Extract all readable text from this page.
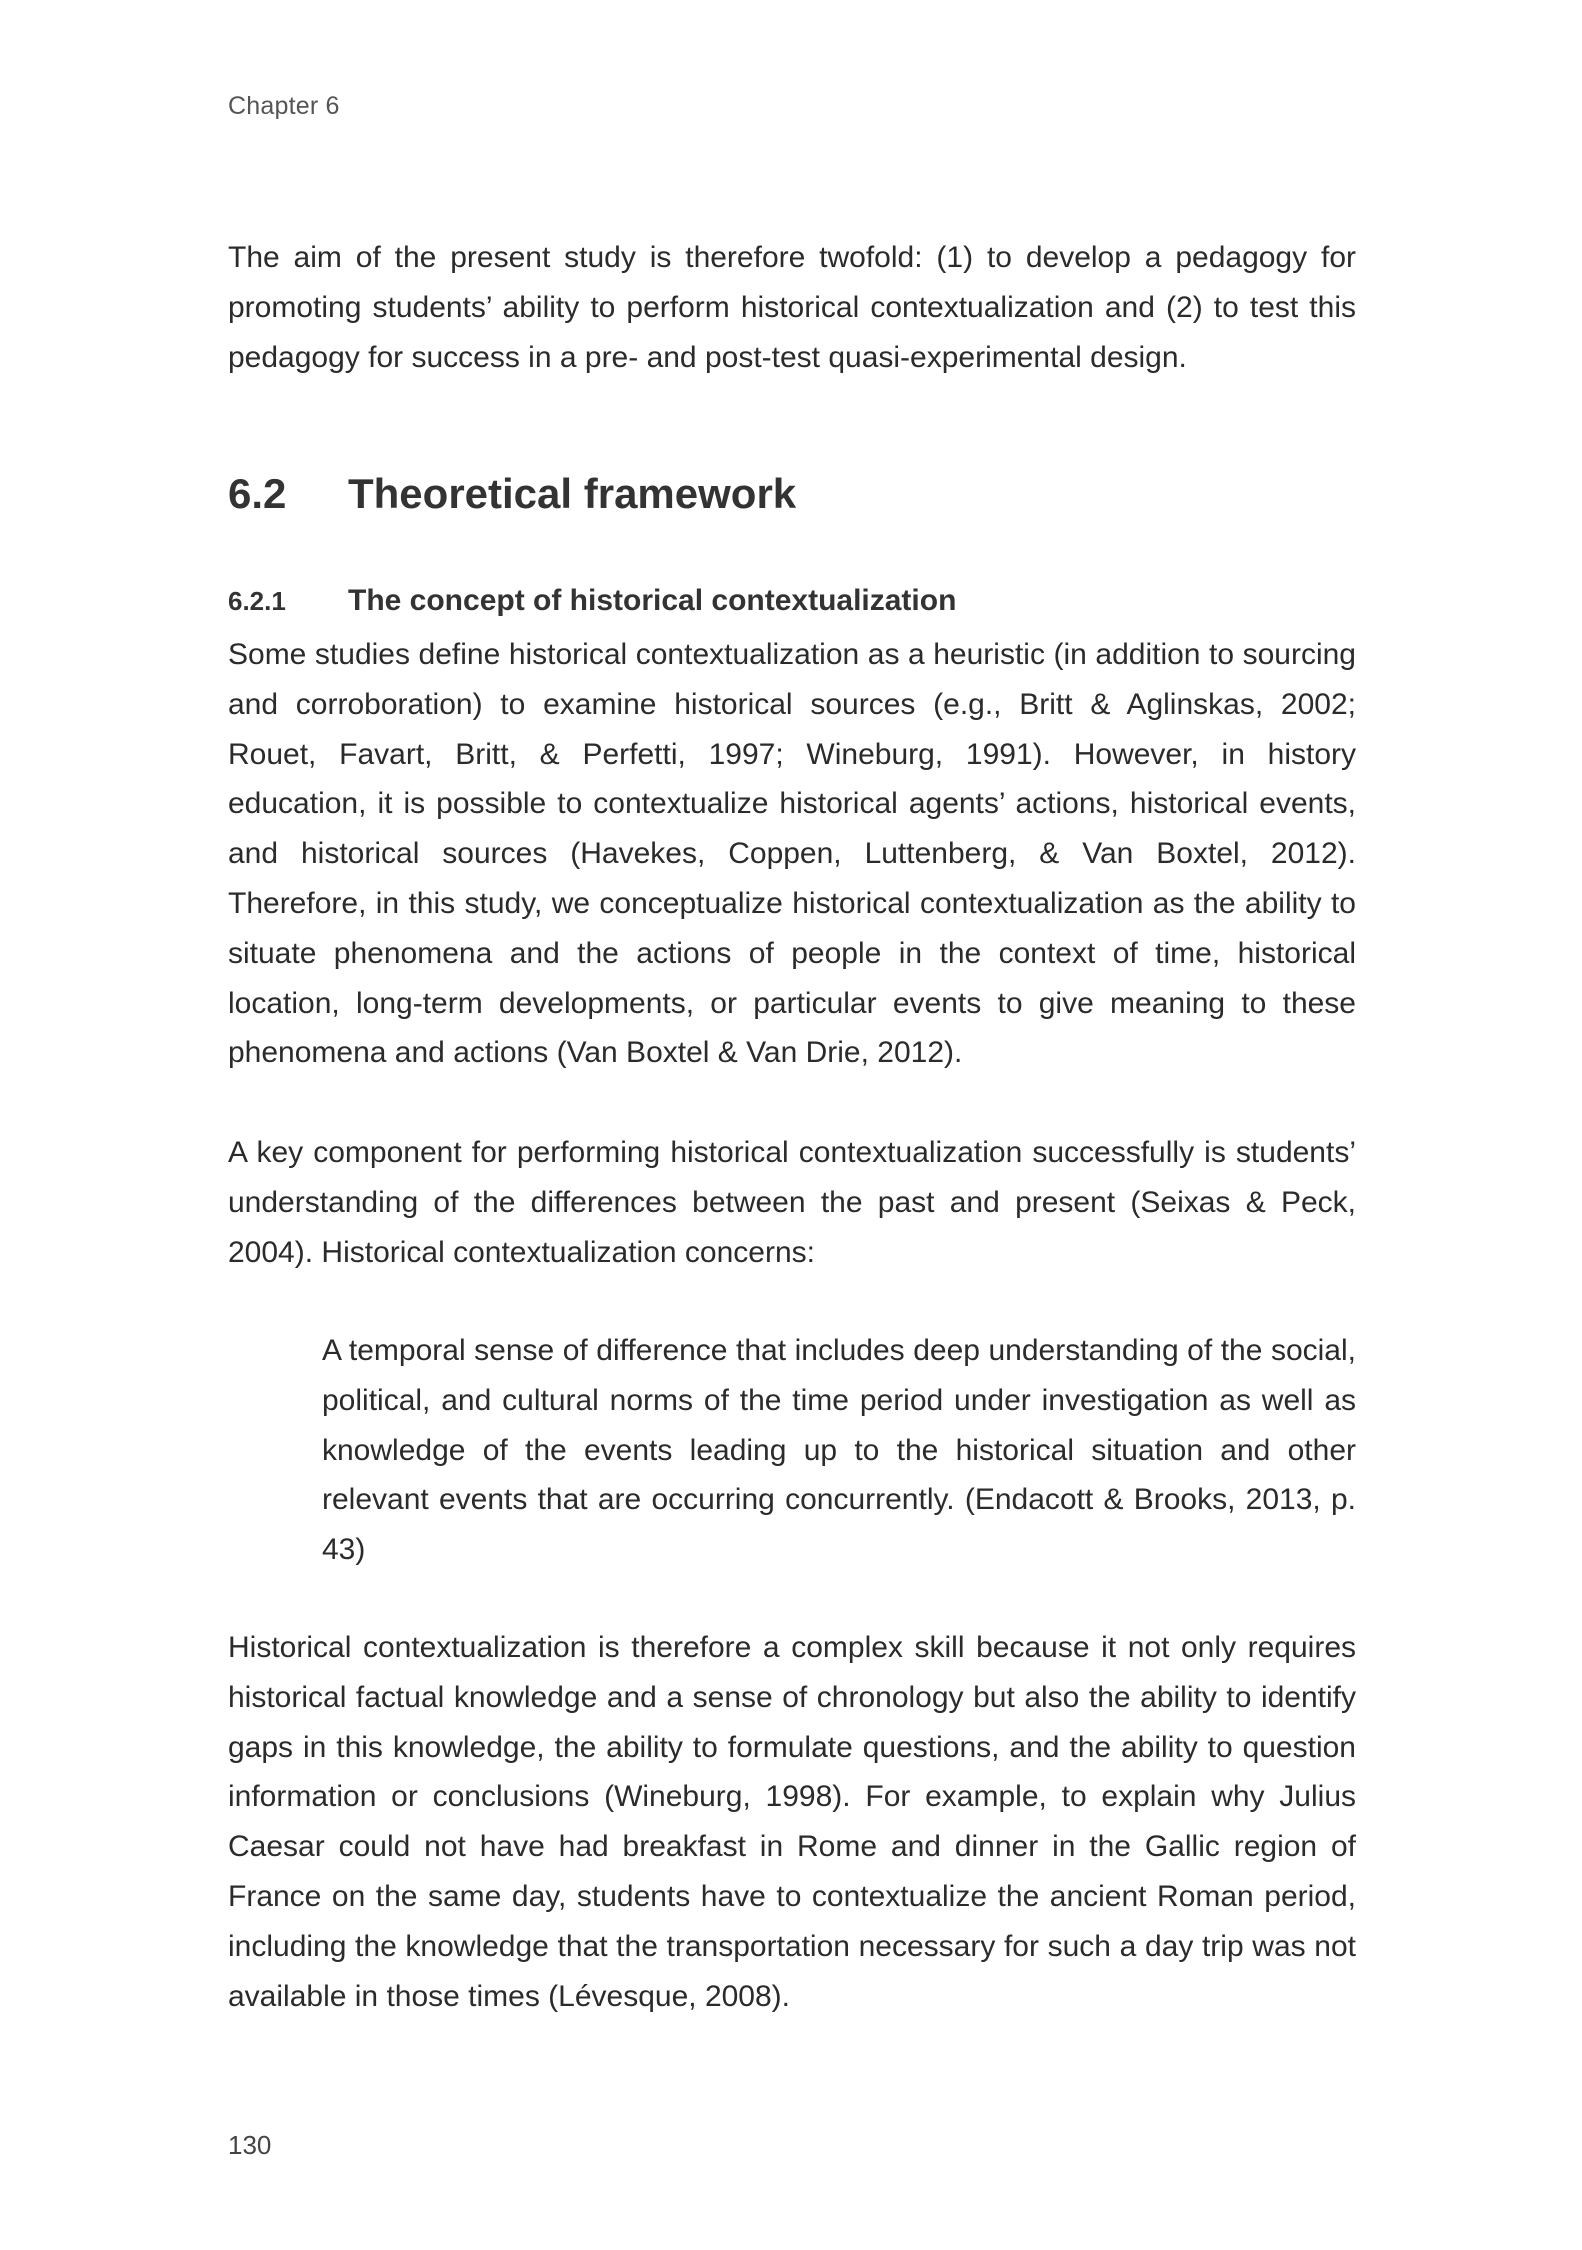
Chapter 6

The aim of the present study is therefore twofold: (1) to develop a pedagogy for promoting students’ ability to perform historical contextualization and (2) to test this pedagogy for success in a pre- and post-test quasi-experimental design.

6.2 Theoretical framework
6.2.1 The concept of historical contextualization

Some studies define historical contextualization as a heuristic (in addition to sourcing and corroboration) to examine historical sources (e.g., Britt & Aglinskas, 2002; Rouet, Favart, Britt, & Perfetti, 1997; Wineburg, 1991). However, in history education, it is possible to contextualize historical agents’ actions, historical events, and historical sources (Havekes, Coppen, Luttenberg, & Van Boxtel, 2012). Therefore, in this study, we conceptualize historical contextualization as the ability to situate phenomena and the actions of people in the context of time, historical location, long-term developments, or particular events to give meaning to these phenomena and actions (Van Boxtel & Van Drie, 2012).

A key component for performing historical contextualization successfully is students’ understanding of the differences between the past and present (Seixas & Peck, 2004). Historical contextualization concerns:

A temporal sense of difference that includes deep understanding of the social, political, and cultural norms of the time period under investigation as well as knowledge of the events leading up to the historical situation and other relevant events that are occurring concurrently. (Endacott & Brooks, 2013, p. 43)

Historical contextualization is therefore a complex skill because it not only requires historical factual knowledge and a sense of chronology but also the ability to identify gaps in this knowledge, the ability to formulate questions, and the ability to question information or conclusions (Wineburg, 1998). For example, to explain why Julius Caesar could not have had breakfast in Rome and dinner in the Gallic region of France on the same day, students have to contextualize the ancient Roman period, including the knowledge that the transportation necessary for such a day trip was not available in those times (Lévesque, 2008).

130
